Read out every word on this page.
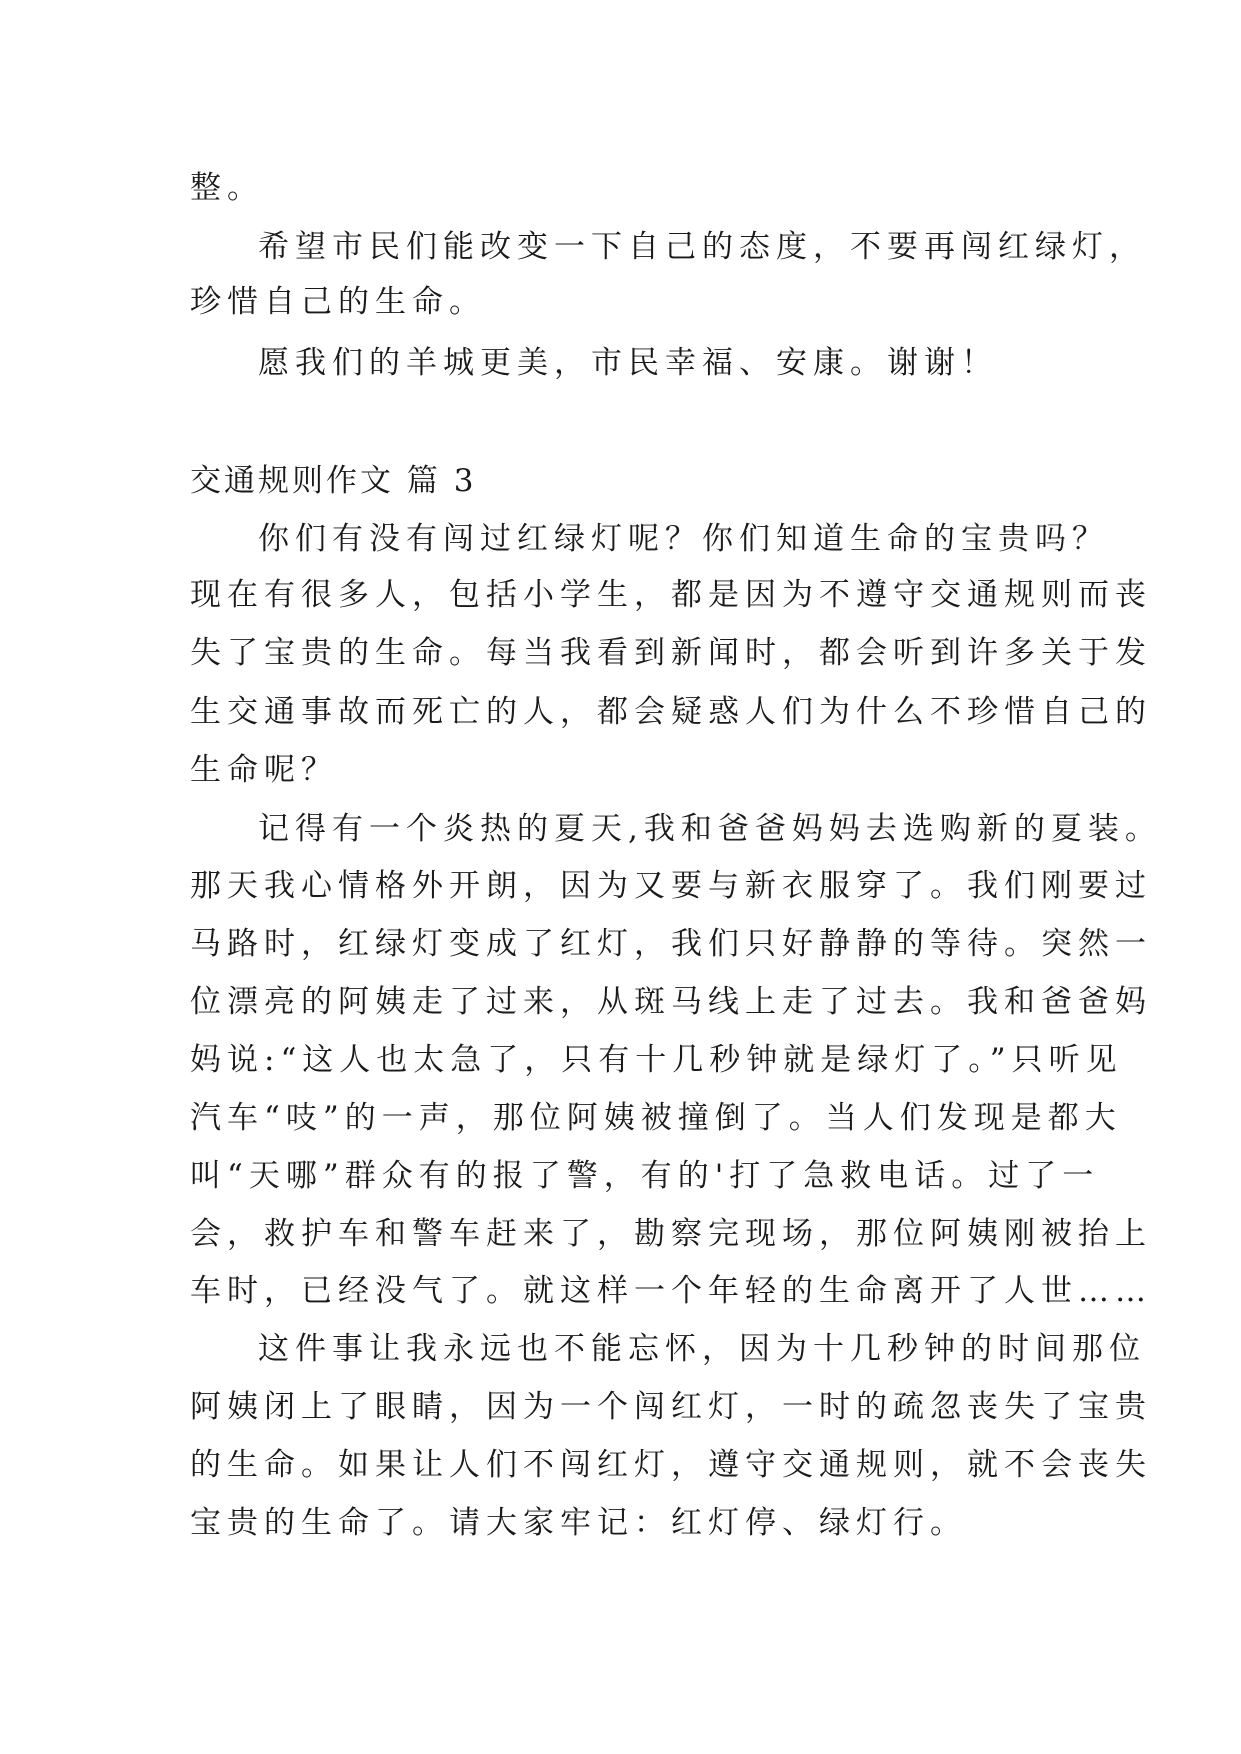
整。
希望市民们能改变一下自己的态度，不要再闯红绿灯，
珍惜自己的生命。
愿我们的羊城更美，市民幸福、安康。谢谢！
交通规则作文 篇 3
你们有没有闯过红绿灯呢？你们知道生命的宝贵吗？
现在有很多人，包括小学生，都是因为不遵守交通规则而丧
失了宝贵的生命。每当我看到新闻时，都会听到许多关于发
生交通事故而死亡的人，都会疑惑人们为什么不珍惜自己的
生命呢？
记得有一个炎热的夏天,我和爸爸妈妈去选购新的夏装。
那天我心情格外开朗，因为又要与新衣服穿了。我们刚要过
马路时，红绿灯变成了红灯，我们只好静静的等待。突然一
位漂亮的阿姨走了过来，从斑马线上走了过去。我和爸爸妈
妈说:“这人也太急了，只有十几秒钟就是绿灯了。”只听见
汽车“吱”的一声，那位阿姨被撞倒了。当人们发现是都大
叫“天哪”群众有的报了警，有的'打了急救电话。过了一
会，救护车和警车赶来了，勘察完现场，那位阿姨刚被抬上
车时，已经没气了。就这样一个年轻的生命离开了人世……
这件事让我永远也不能忘怀，因为十几秒钟的时间那位
阿姨闭上了眼睛，因为一个闯红灯，一时的疏忽丧失了宝贵
的生命。如果让人们不闯红灯，遵守交通规则，就不会丧失
宝贵的生命了。请大家牢记：红灯停、绿灯行。
